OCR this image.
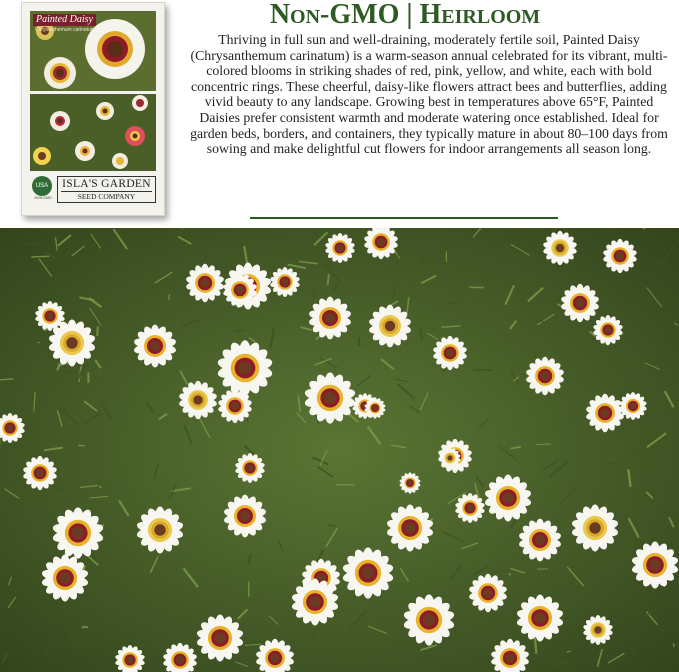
Painted Daisy
Chrysanthemum carinatum
USA
NON-GMO
ISLA'S GARDEN
SEED COMPANY
Non-GMO | Heirloom
Thriving in full sun and well-draining, moderately fertile soil, Painted Daisy (Chrysanthemum carinatum) is a warm-season annual celebrated for its vibrant, multi-colored blooms in striking shades of red, pink, yellow, and white, each with bold concentric rings. These cheerful, daisy-like flowers attract bees and butterflies, adding vivid beauty to any landscape. Growing best in temperatures above 65°F, Painted Daisies prefer consistent warmth and moderate watering once established. Ideal for garden beds, borders, and containers, they typically mature in about 80–100 days from sowing and make delightful cut flowers for indoor arrangements all season long.
